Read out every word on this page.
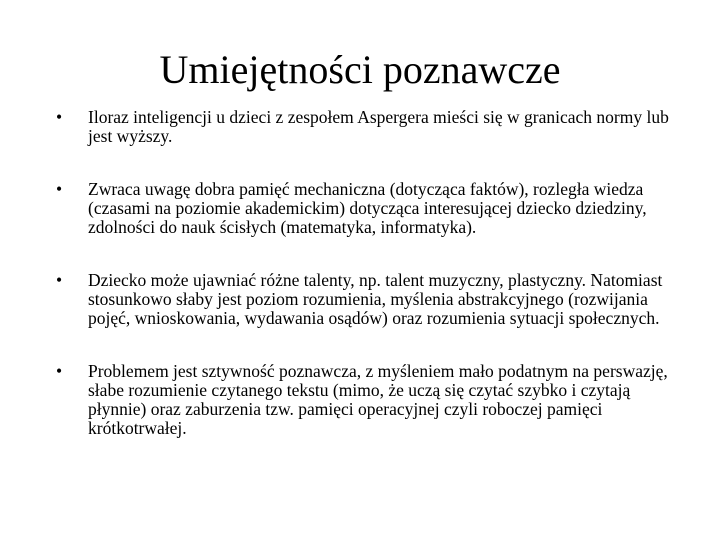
Umiejętności poznawcze
•	Iloraz inteligencji u dzieci z zespołem Aspergera mieści się w granicach normy lub jest wyższy.
•	Zwraca uwagę dobra pamięć mechaniczna (dotycząca faktów), rozległa wiedza (czasami na poziomie akademickim) dotycząca interesującej dziecko dziedziny, zdolności do nauk ścisłych (matematyka, informatyka).
•	Dziecko może ujawniać różne talenty, np. talent muzyczny, plastyczny. Natomiast stosunkowo słaby jest poziom rozumienia, myślenia abstrakcyjnego (rozwijania pojęć, wnioskowania, wydawania osądów) oraz rozumienia sytuacji społecznych.
•	Problemem jest sztywność poznawcza, z myśleniem mało podatnym na perswazję, słabe rozumienie czytanego tekstu (mimo, że uczą się czytać szybko i czytają płynnie) oraz zaburzenia tzw. pamięci operacyjnej czyli roboczej pamięci krótkotrwałej.
